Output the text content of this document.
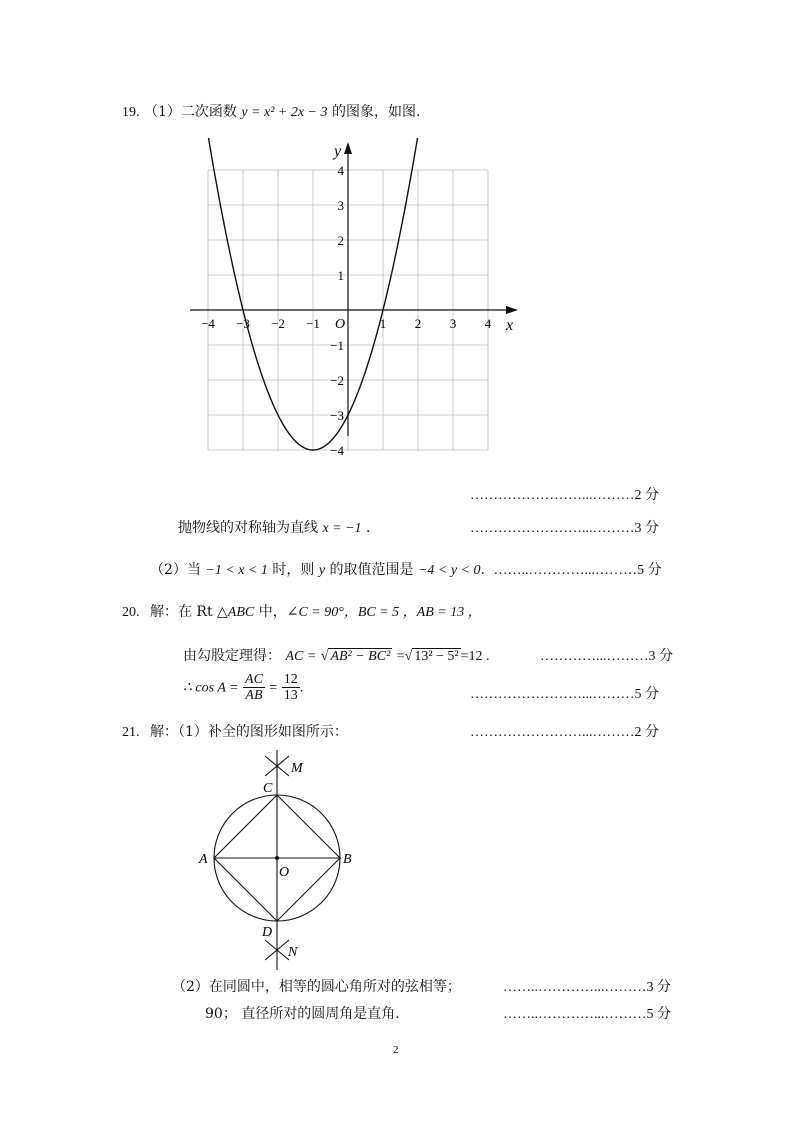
19. （1）二次函数 y = x² + 2x − 3 的图象，如图.
−4 −3 −2 −1	1 2 3 4
4
3
2
1
−1
−2
−3
−4
x
y
O
……………………...………2 分
抛物线的对称轴为直线 x = −1 .	……………………...………3 分
（2）当 −1 < x < 1 时，则 y 的取值范围是 −4 < y < 0. ……..…………...………5 分
20. 解：在 Rt △ABC 中，∠C = 90°，BC = 5 ，AB = 13 ，
由勾股定理得： AC = √ AB² − BC² =√ 13² − 5² =12 .	…………...………3 分
∴ $\cos A = \frac{AC}{AB} = \frac{12}{13}$ .	……………………...………5 分
21. 解：（1）补全的图形如图所示：	……………………...………2 分
M
C
A	B
O
D
N
（2）在同圆中，相等的圆心角所对的弦相等；	……..…………...………3 分
90； 直径所对的圆周角是直角.	……..…………...………5 分
2
